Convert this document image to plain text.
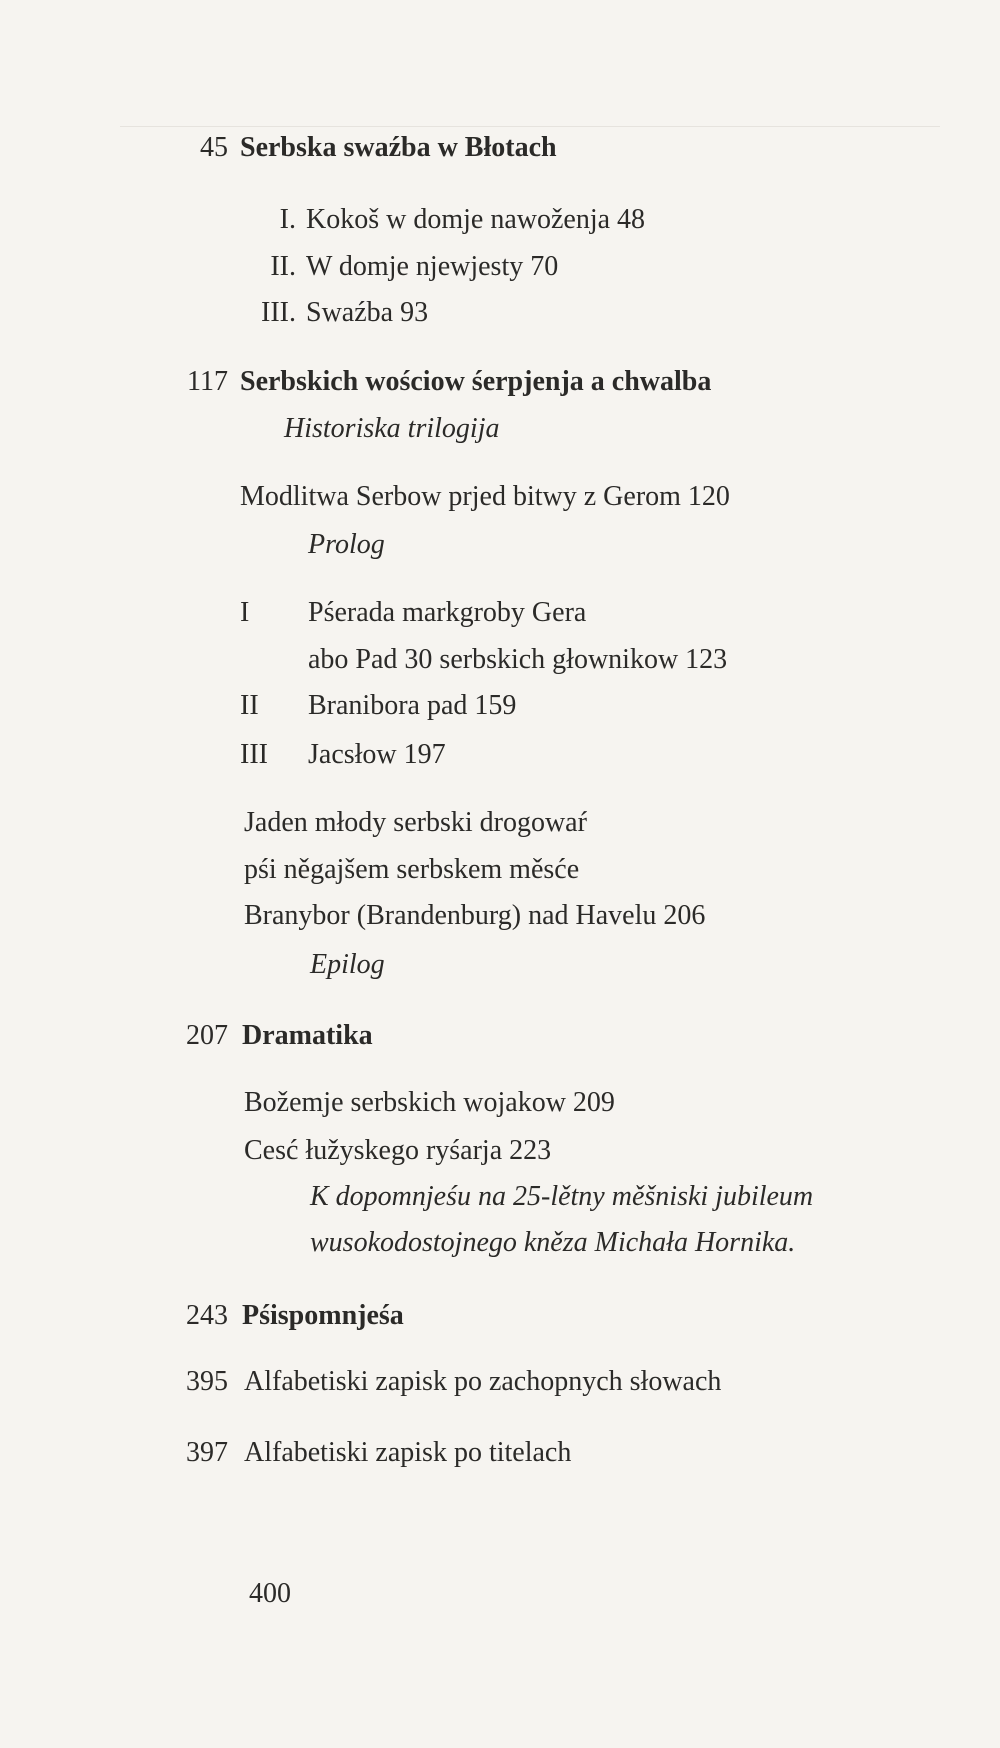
45 Serbska swaźba w Błotach
I. Kokoš w domje nawoženja 48
II. W domje njewjesty 70
III. Swaźba 93
117 Serbskich wościow śerpjenja a chwalba
Historiska trilogija
Modlitwa Serbow prjed bitwy z Gerom 120
Prolog
I	Pśerada markgroby Gera
abo Pad 30 serbskich głownikow 123
II	Branibora pad 159
III Jacsłow 197
Jaden młody serbski drogowaŕ
pśi něgajšem serbskem měsće
Branybor (Brandenburg) nad Havelu 206
Epilog
207 Dramatika
Božemje serbskich wojakow 209
Cesć łužyskego ryśarja 223
K dopomnjeśu na 25-lětny měšniski jubileum
wusokodostojnego kněza Michała Hornika.
243 Pśispomnjeśa
395 Alfabetiski zapisk po zachopnych słowach
397 Alfabetiski zapisk po titelach
400
